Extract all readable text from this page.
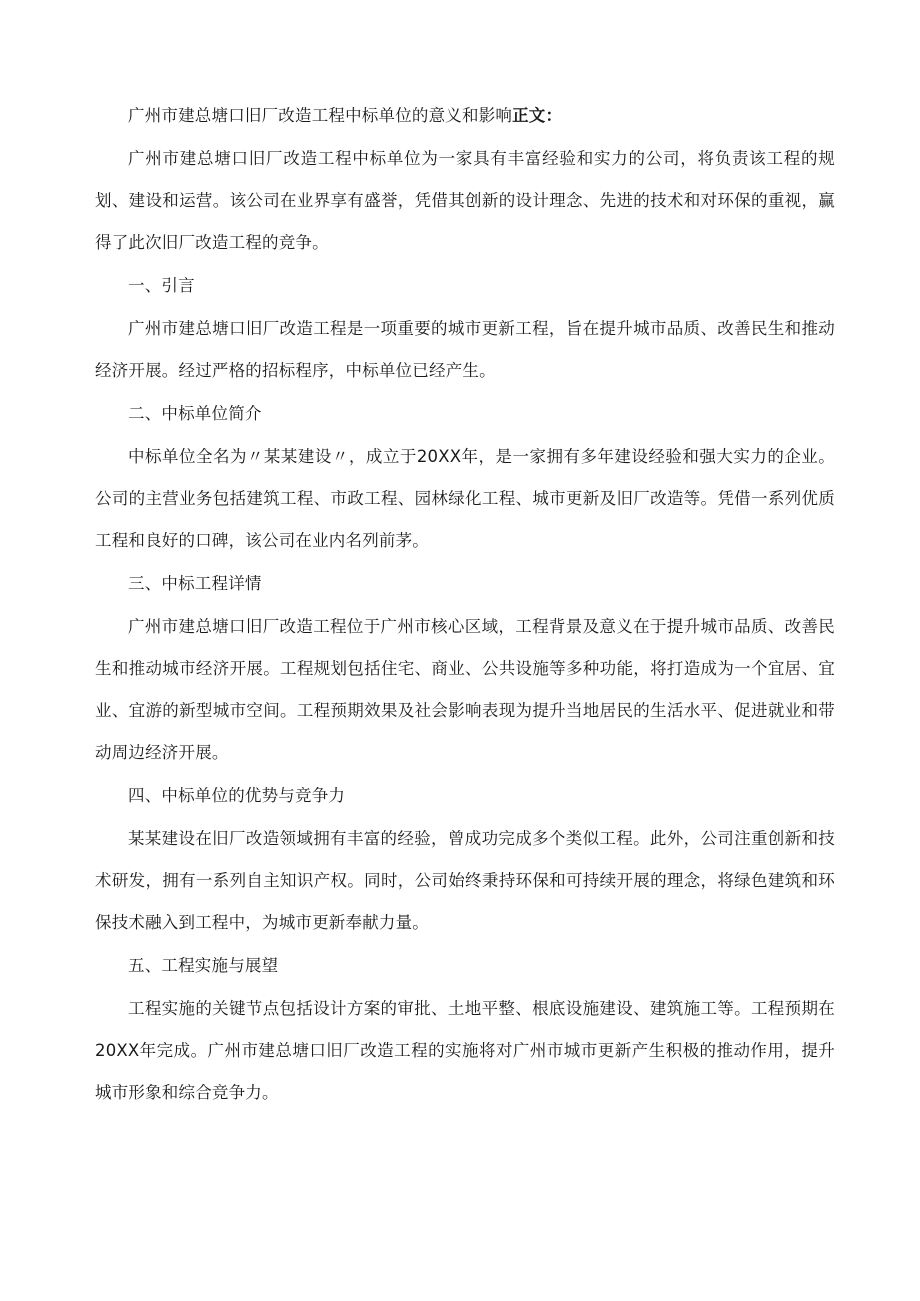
广州市建总塘口旧厂改造工程中标单位的意义和影响正文：

广州市建总塘口旧厂改造工程中标单位为一家具有丰富经验和实力的公司，将负责该工程的规划、建设和运营。该公司在业界享有盛誉，凭借其创新的设计理念、先进的技术和对环保的重视，赢得了此次旧厂改造工程的竞争。

一、引言

广州市建总塘口旧厂改造工程是一项重要的城市更新工程，旨在提升城市品质、改善民生和推动经济开展。经过严格的招标程序，中标单位已经产生。

二、中标单位简介

中标单位全名为〃某某建设〃，成立于20XX年，是一家拥有多年建设经验和强大实力的企业。公司的主营业务包括建筑工程、市政工程、园林绿化工程、城市更新及旧厂改造等。凭借一系列优质工程和良好的口碑，该公司在业内名列前茅。

三、中标工程详情

广州市建总塘口旧厂改造工程位于广州市核心区域，工程背景及意义在于提升城市品质、改善民生和推动城市经济开展。工程规划包括住宅、商业、公共设施等多种功能，将打造成为一个宜居、宜业、宜游的新型城市空间。工程预期效果及社会影响表现为提升当地居民的生活水平、促进就业和带动周边经济开展。

四、中标单位的优势与竞争力

某某建设在旧厂改造领域拥有丰富的经验，曾成功完成多个类似工程。此外，公司注重创新和技术研发，拥有一系列自主知识产权。同时，公司始终秉持环保和可持续开展的理念，将绿色建筑和环保技术融入到工程中，为城市更新奉献力量。

五、工程实施与展望

工程实施的关键节点包括设计方案的审批、土地平整、根底设施建设、建筑施工等。工程预期在20XX年完成。广州市建总塘口旧厂改造工程的实施将对广州市城市更新产生积极的推动作用，提升城市形象和综合竞争力。
